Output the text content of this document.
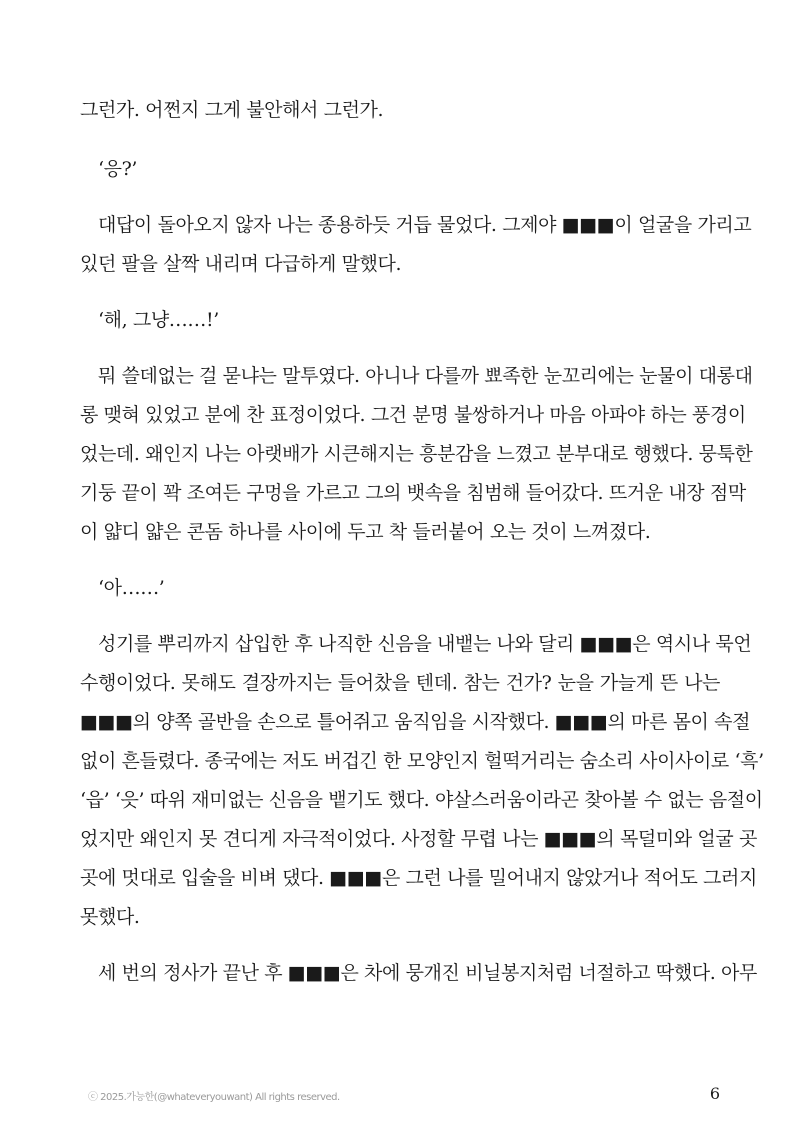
그런가. 어쩐지 그게 불안해서 그런가.
‘응?’
대답이 돌아오지 않자 나는 종용하듯 거듭 물었다. 그제야 ■■■이 얼굴을 가리고
있던 팔을 살짝 내리며 다급하게 말했다.
‘해, 그냥……!’
뭐 쓸데없는 걸 묻냐는 말투였다. 아니나 다를까 뾰족한 눈꼬리에는 눈물이 대롱대
롱 맺혀 있었고 분에 찬 표정이었다. 그건 분명 불쌍하거나 마음 아파야 하는 풍경이
었는데. 왜인지 나는 아랫배가 시큰해지는 흥분감을 느꼈고 분부대로 행했다. 뭉툭한
기둥 끝이 꽉 조여든 구멍을 가르고 그의 뱃속을 침범해 들어갔다. 뜨거운 내장 점막
이 얇디 얇은 콘돔 하나를 사이에 두고 착 들러붙어 오는 것이 느껴졌다.
‘아……’
성기를 뿌리까지 삽입한 후 나직한 신음을 내뱉는 나와 달리 ■■■은 역시나 묵언
수행이었다. 못해도 결장까지는 들어찼을 텐데. 참는 건가? 눈을 가늘게 뜬 나는
■■■의 양쪽 골반을 손으로 틀어쥐고 움직임을 시작했다. ■■■의 마른 몸이 속절
없이 흔들렸다. 종국에는 저도 버겁긴 한 모양인지 헐떡거리는 숨소리 사이사이로 ‘흑’
‘읍’ ‘읏’ 따위 재미없는 신음을 뱉기도 했다. 야살스러움이라곤 찾아볼 수 없는 음절이
었지만 왜인지 못 견디게 자극적이었다. 사정할 무렵 나는 ■■■의 목덜미와 얼굴 곳
곳에 멋대로 입술을 비벼 댔다. ■■■은 그런 나를 밀어내지 않았거나 적어도 그러지
못했다.
세 번의 정사가 끝난 후 ■■■은 차에 뭉개진 비닐봉지처럼 너절하고 딱했다. 아무
ⓒ 2025.가능한(@whateveryouwant) All rights reserved.	6
